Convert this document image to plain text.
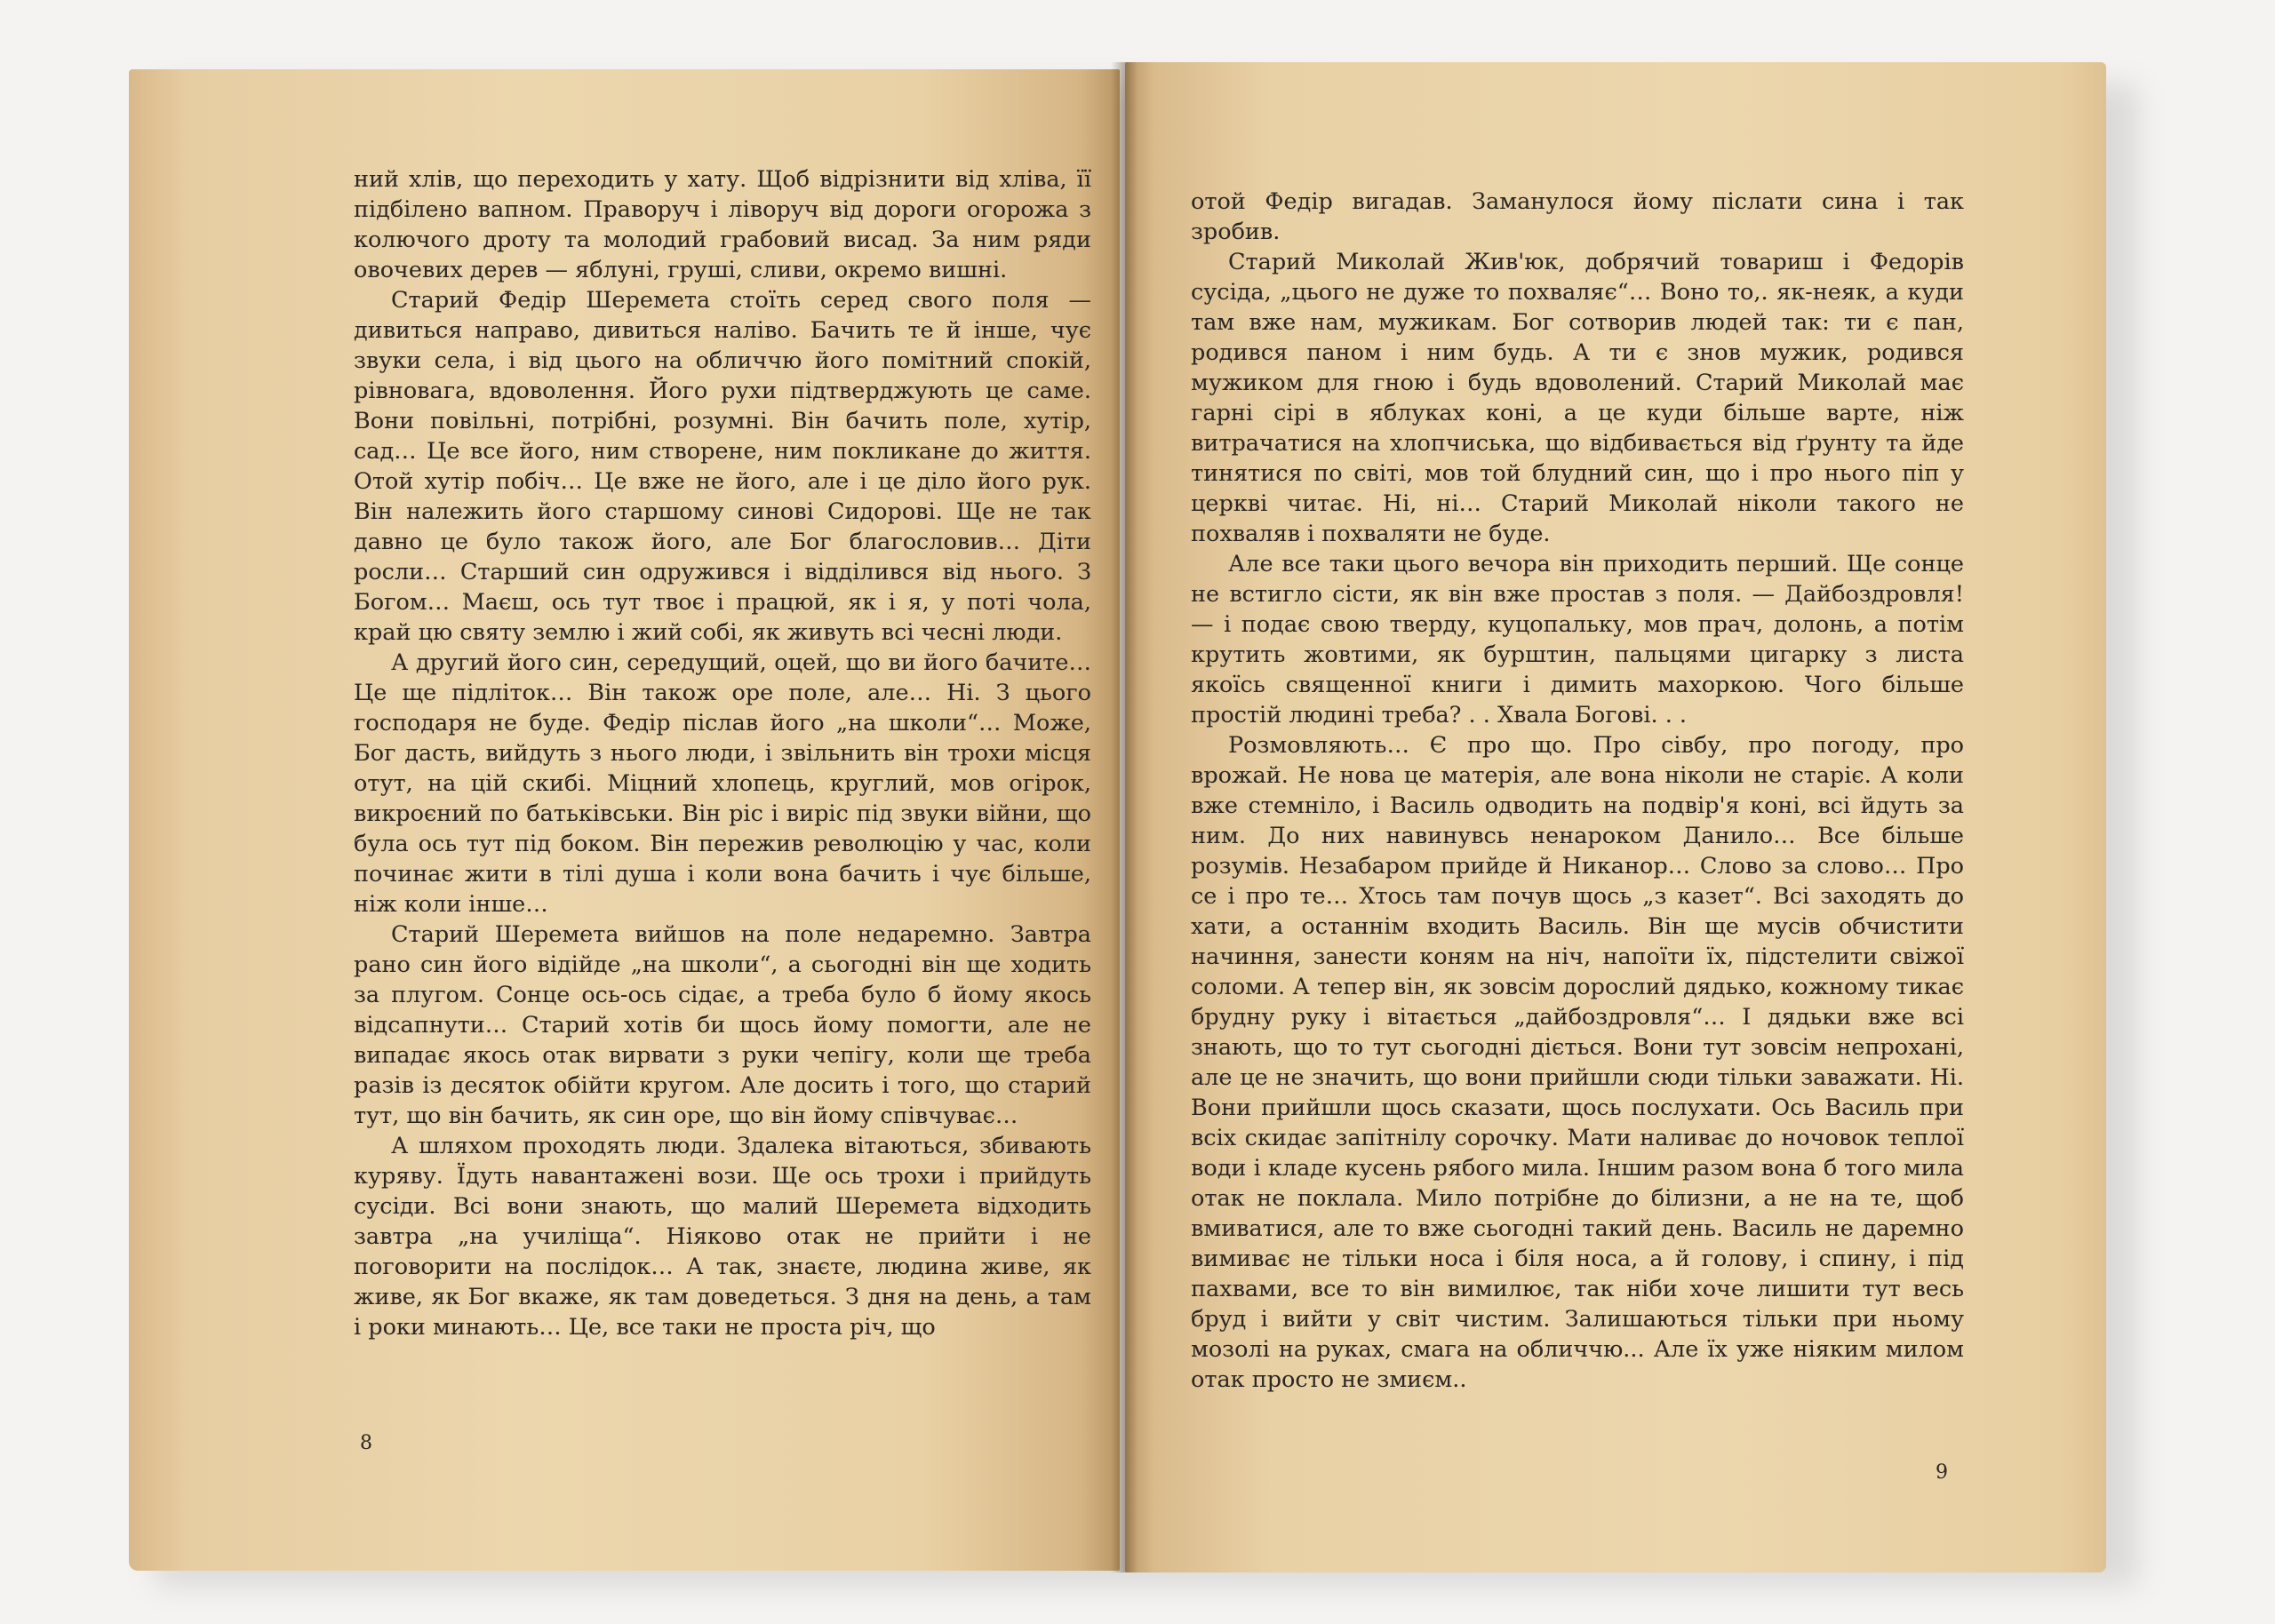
ний хлів, що переходить у хату. Щоб відрізнити від хліва, її підбілено вапном. Праворуч і ліворуч від дороги огорожа з колючого дроту та молодий грабовий висад. За ним ряди овочевих дерев — яблуні, груші, сливи, окремо вишні.

Старий Федір Шеремета стоїть серед свого поля — дивиться направо, дивиться наліво. Бачить те й інше, чує звуки села, і від цього на обличчю його помітний спокій, рівновага, вдоволення. Його рухи підтверджують це саме. Вони повільні, потрібні, розумні. Він бачить поле, хутір, сад… Це все його, ним створене, ним покликане до життя. Отой хутір побіч… Це вже не його, але і це діло його рук. Він належить його старшому синові Сидорові. Ще не так давно це було також його, але Бог благословив… Діти росли… Старший син одружився і відділився від нього. З Богом… Маєш, ось тут твоє і працюй, як і я, у поті чола, край цю святу землю і жий собі, як живуть всі чесні люди.

А другий його син, середущий, оцей, що ви його бачите… Це ще підліток… Він також оре поле, але… Ні. З цього господаря не буде. Федір післав його „на школи“… Може, Бог дасть, вийдуть з нього люди, і звільнить він трохи місця отут, на цій скибі. Міцний хлопець, круглий, мов огірок, викроєний по батьківськи. Він ріс і виріс під звуки війни, що була ось тут під боком. Він пережив революцію у час, коли починає жити в тілі душа і коли вона бачить і чує більше, ніж коли інше…

Старий Шеремета вийшов на поле недаремно. Завтра рано син його відійде „на школи“, а сьогодні він ще ходить за плугом. Сонце ось-ось сідає, а треба було б йому якось відсапнути… Старий хотів би щось йому помогти, але не випадає якось отак вирвати з руки чепігу, коли ще треба разів із десяток обійти кругом. Але досить і того, що старий тут, що він бачить, як син оре, що він йому співчуває…

А шляхом проходять люди. Здалека вітаються, збивають куряву. Їдуть навантажені вози. Ще ось трохи і прийдуть сусіди. Всі вони знають, що малий Шеремета відходить завтра „на училіща“. Ніяково отак не прийти і не поговорити на послідок… А так, знаєте, людина живе, як живе, як Бог вкаже, як там доведеться. З дня на день, а там і роки минають… Це, все таки не проста річ, що

8

отой Федір вигадав. Заманулося йому післати сина і так зробив.

Старий Миколай Жив'юк, добрячий товариш і Федорів сусіда, „цього не дуже то похваляє“… Воно то,. як-неяк, а куди там вже нам, мужикам. Бог сотворив людей так: ти є пан, родився паном і ним будь. А ти є знов мужик, родився мужиком для гною і будь вдоволений. Старий Миколай має гарні сірі в яблуках коні, а це куди більше варте, ніж витрачатися на хлопчиська, що відбивається від ґрунту та йде тинятися по світі, мов той блудний син, що і про нього піп у церкві читає. Ні, ні… Старий Миколай ніколи такого не похваляв і похваляти не буде.

Але все таки цього вечора він приходить перший. Ще сонце не встигло сісти, як він вже простав з поля. — Дайбоздровля! — і подає свою тверду, куцопальку, мов прач, долонь, а потім крутить жовтими, як бурштин, пальцями цигарку з листа якоїсь священної книги і димить махоркою. Чого більше простій людині треба? . . Хвала Богові. . .

Розмовляють… Є про що. Про сівбу, про погоду, про врожай. Не нова це матерія, але вона ніколи не старіє. А коли вже стемніло, і Василь одводить на подвір'я коні, всі йдуть за ним. До них навинувсь ненароком Данило… Все більше розумів. Незабаром прийде й Никанор… Слово за слово… Про се і про те… Хтось там почув щось „з казет“. Всі заходять до хати, а останнім входить Василь. Він ще мусів обчистити начиння, занести коням на ніч, напоїти їх, підстелити свіжої соломи. А тепер він, як зовсім дорослий дядько, кожному тикає брудну руку і вітається „дайбоздровля“… І дядьки вже всі знають, що то тут сьогодні діється. Вони тут зовсім непрохані, але це не значить, що вони прийшли сюди тільки заважати. Ні. Вони прийшли щось сказати, щось послухати. Ось Василь при всіх скидає запітнілу сорочку. Мати наливає до ночовок теплої води і кладе кусень рябого мила. Іншим разом вона б того мила отак не поклала. Мило потрібне до білизни, а не на те, щоб вмиватися, але то вже сьогодні такий день. Василь не даремно вимиває не тільки носа і біля носа, а й голову, і спину, і під пахвами, все то він вимилює, так ніби хоче лишити тут весь бруд і вийти у світ чистим. Залишаються тільки при ньому мозолі на руках, смага на обличчю... Але їх уже ніяким милом отак просто не змиєм..

9
